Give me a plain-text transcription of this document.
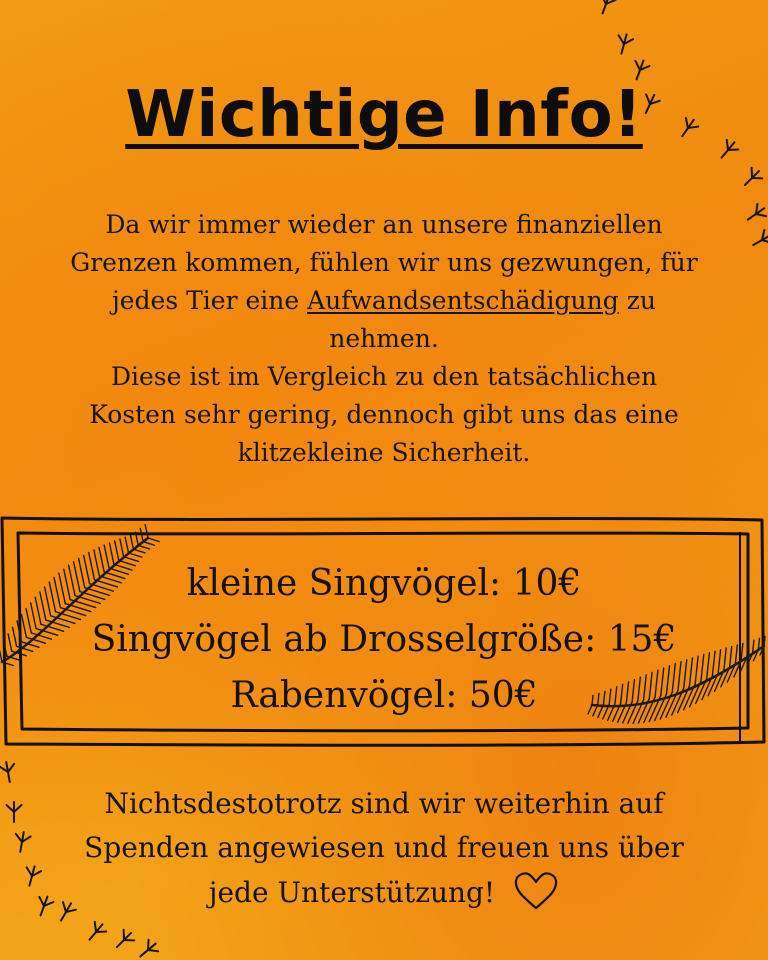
Wichtige Info!
Da wir immer wieder an unsere finanziellen Grenzen kommen, fühlen wir uns gezwungen, für jedes Tier eine Aufwandsentschädigung zu nehmen.
Diese ist im Vergleich zu den tatsächlichen Kosten sehr gering, dennoch gibt uns das eine klitzekleine Sicherheit.
kleine Singvögel: 10€
Singvögel ab Drosselgröße: 15€
Rabenvögel: 50€
Nichtsdestotrotz sind wir weiterhin auf Spenden angewiesen und freuen uns über jede Unterstützung!
